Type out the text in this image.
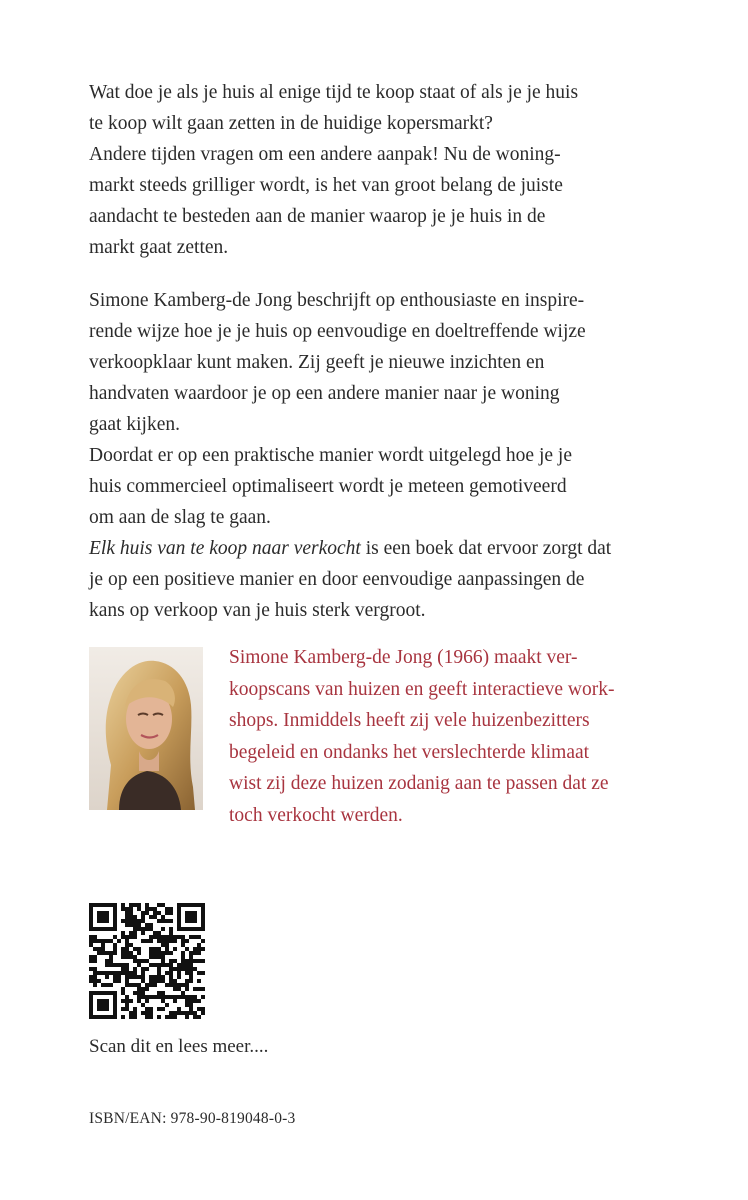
Wat doe je als je huis al enige tijd te koop staat of als je je huis
te koop wilt gaan zetten in de huidige kopersmarkt?
Andere tijden vragen om een andere aanpak! Nu de woning-
markt steeds grilliger wordt, is het van groot belang de juiste
aandacht te besteden aan de manier waarop je je huis in de
markt gaat zetten.

Simone Kamberg-de Jong beschrijft op enthousiaste en inspire-
rende wijze hoe je je huis op eenvoudige en doeltreffende wijze
verkoopklaar kunt maken. Zij geeft je nieuwe inzichten en
handvaten waardoor je op een andere manier naar je woning
gaat kijken.
Doordat er op een praktische manier wordt uitgelegd hoe je je
huis commercieel optimaliseert wordt je meteen gemotiveerd
om aan de slag te gaan.
Elk huis van te koop naar verkocht is een boek dat ervoor zorgt dat
je op een positieve manier en door eenvoudige aanpassingen de
kans op verkoop van je huis sterk vergroot.

Simone Kamberg-de Jong (1966) maakt ver-
koopscans van huizen en geeft interactieve work-
shops. Inmiddels heeft zij vele huizenbezitters
begeleid en ondanks het verslechterde klimaat
wist zij deze huizen zodanig aan te passen dat ze
toch verkocht werden.

Scan dit en lees meer....

ISBN/EAN: 978-90-819048-0-3
